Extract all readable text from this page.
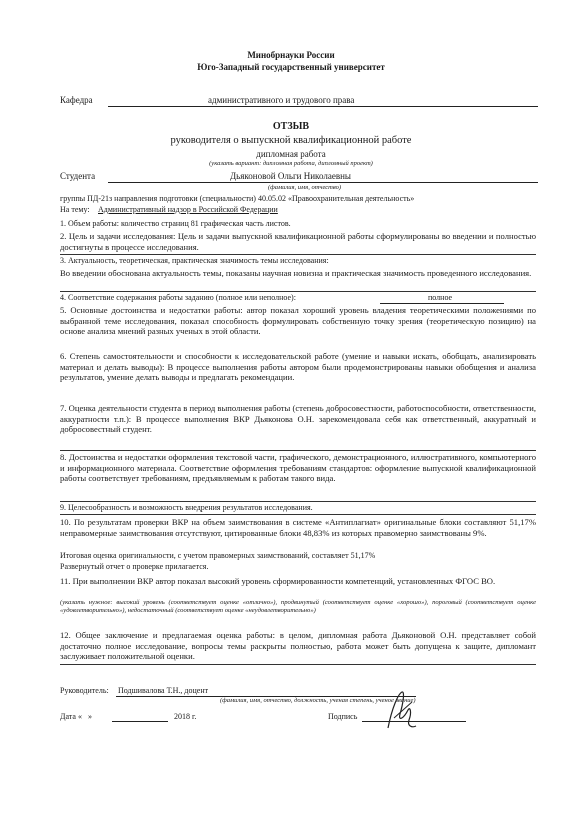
Минобрнауки России
Юго-Западный государственный университет
Кафедра	административного и трудового права
ОТЗЫВ
руководителя о выпускной квалификационной работе
дипломная работа
(указать вариант: дипломная работа, дипломный проект)
Студента	Дьяконовой Ольги Николаевны
(фамилия, имя, отчество)
группы ПД-21з направления подготовки (специальности) 40.05.02 «Правоохранительная деятельность»
На тему: Административный надзор в Российской Федерации
1. Объем работы: количество страниц 81 графическая часть листов.
2. Цель и задачи исследования: Цель и задачи выпускной квалификационной работы сформулированы во введении и полностью достигнуты в процессе исследования.
3. Актуальность, теоретическая, практическая значимость темы исследования:
Во введении обоснована актуальность темы, показаны научная новизна и практическая значимость проведенного исследования.
4. Соответствие содержания работы заданию (полное или неполное):	полное
5. Основные достоинства и недостатки работы: автор показал хороший уровень владения теоретическими положениями по выбранной теме исследования, показал способность формулировать собственную точку зрения (теоретическую позицию) на основе анализа мнений разных ученых в этой области.
6. Степень самостоятельности и способности к исследовательской работе (умение и навыки искать, обобщать, анализировать материал и делать выводы): В процессе выполнения работы автором были продемонстрированы навыки обобщения и анализа результатов, умение делать выводы и предлагать рекомендации.
7. Оценка деятельности студента в период выполнения работы (степень добросовестности, работоспособности, ответственности, аккуратности т.п.): В процессе выполнения ВКР Дьяконова О.Н. зарекомендовала себя как ответственный, аккуратный и добросовестный студент.
8. Достоинства и недостатки оформления текстовой части, графического, демонстрационного, иллюстративного, компьютерного и информационного материала. Соответствие оформления требованиям стандартов: оформление выпускной квалификационной работы соответствует требованиям, предъявляемым к работам такого вида.
9. Целесообразность и возможность внедрения результатов исследования.
10. По результатам проверки ВКР на объем заимствования в системе «Антиплагиат» оригинальные блоки составляют 51,17% неправомерные заимствования отсутствуют, цитированные блоки 48,83% из которых правомерно заимствованы 9%.
Итоговая оценка оригинальности, с учетом правомерных заимствований, составляет 51,17%
Развернутый отчет о проверке прилагается.
11. При выполнении ВКР автор показал высокий уровень сформированности компетенций, установленных ФГОС ВО.
(указать нужное: высокий уровень (соответствует оценке «отлично»), продвинутый (соответствует оценке «хорошо»), пороговый (соответствует оценке «удовлетворительно»), недостаточный (соответствует оценке «неудовлетворительно»)
12. Общее заключение и предлагаемая оценка работы: в целом, дипломная работа Дьяконовой О.Н. представляет собой достаточно полное исследование, вопросы темы раскрыты полностью, работа может быть допущена к защите, дипломант заслуживает положительной оценки.
Руководитель: Подшивалова Т.Н., доцент
(фамилия, имя, отчество, должность, ученая степень, ученое звание)
Дата « »	2018 г.	Подпись
